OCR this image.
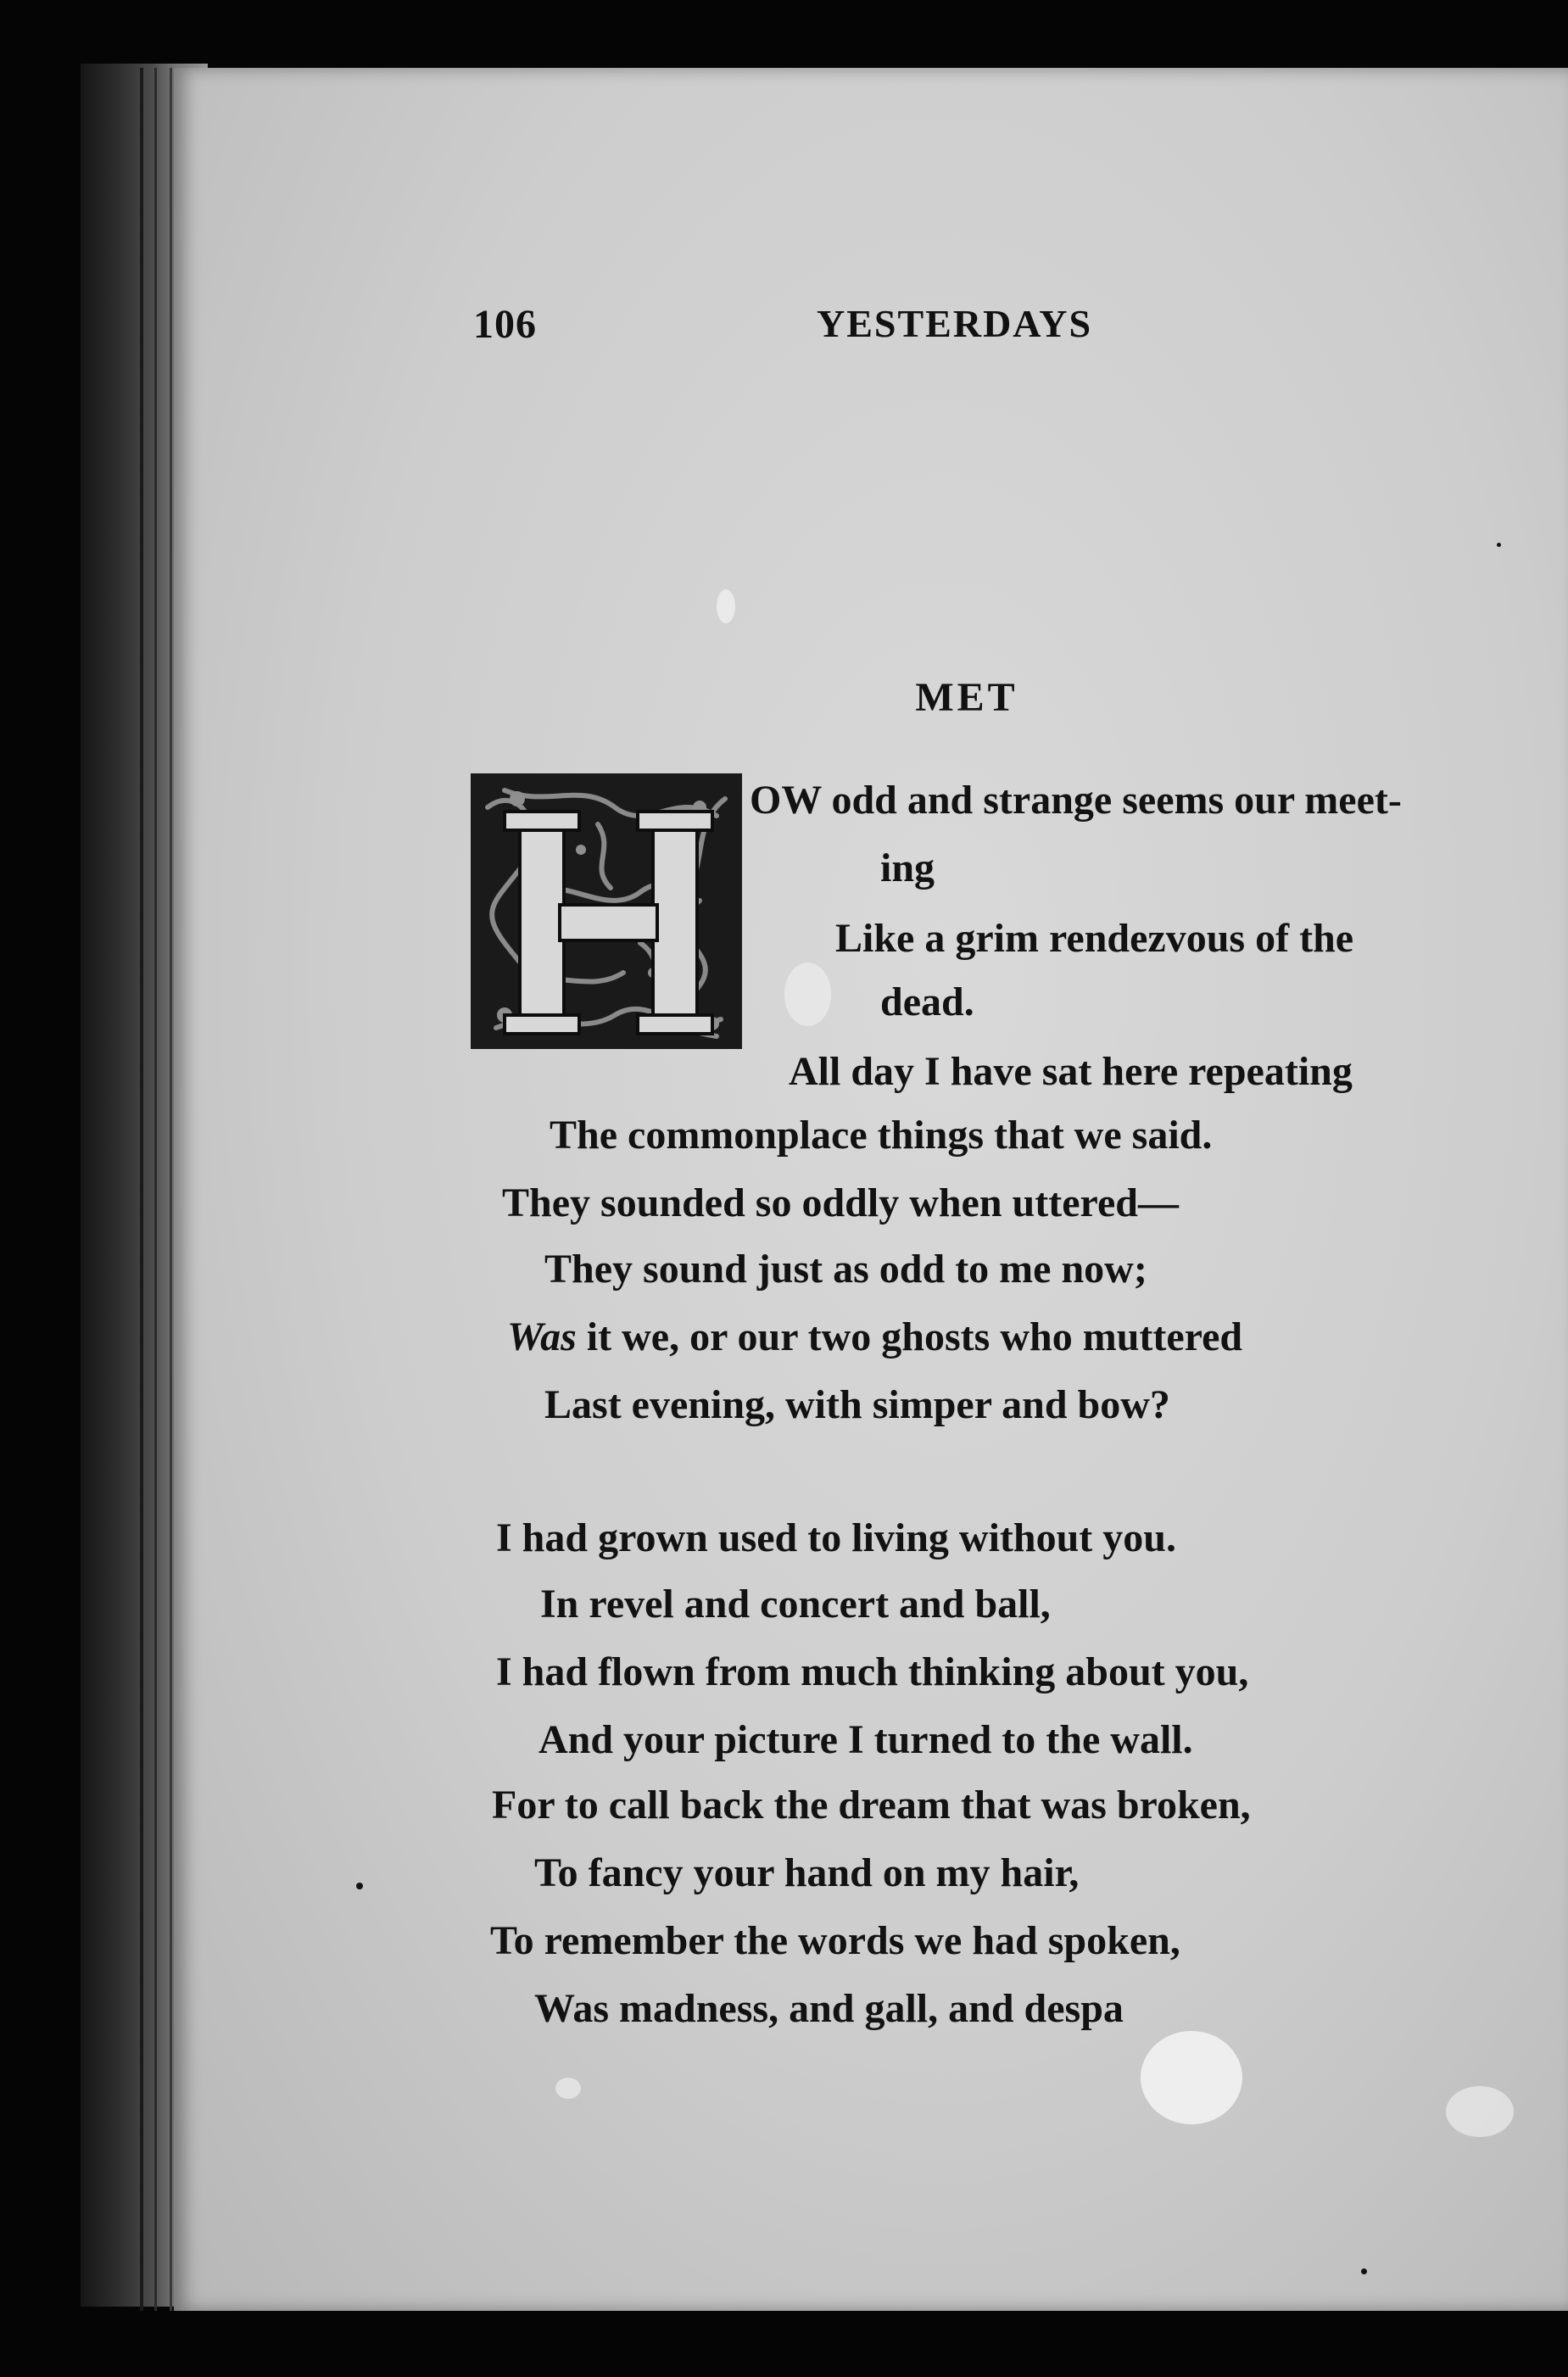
106	YESTERDAYS
MET
OW odd and strange seems our meet-
ing
Like a grim rendezvous of the
dead.
All day I have sat here repeating
The commonplace things that we said.
They sounded so oddly when uttered—
They sound just as odd to me now;
Was it we, or our two ghosts who muttered
Last evening, with simper and bow?
I had grown used to living without you.
In revel and concert and ball,
I had flown from much thinking about you,
And your picture I turned to the wall.
For to call back the dream that was broken,
To fancy your hand on my hair,
To remember the words we had spoken,
Was madness, and gall, and despa
